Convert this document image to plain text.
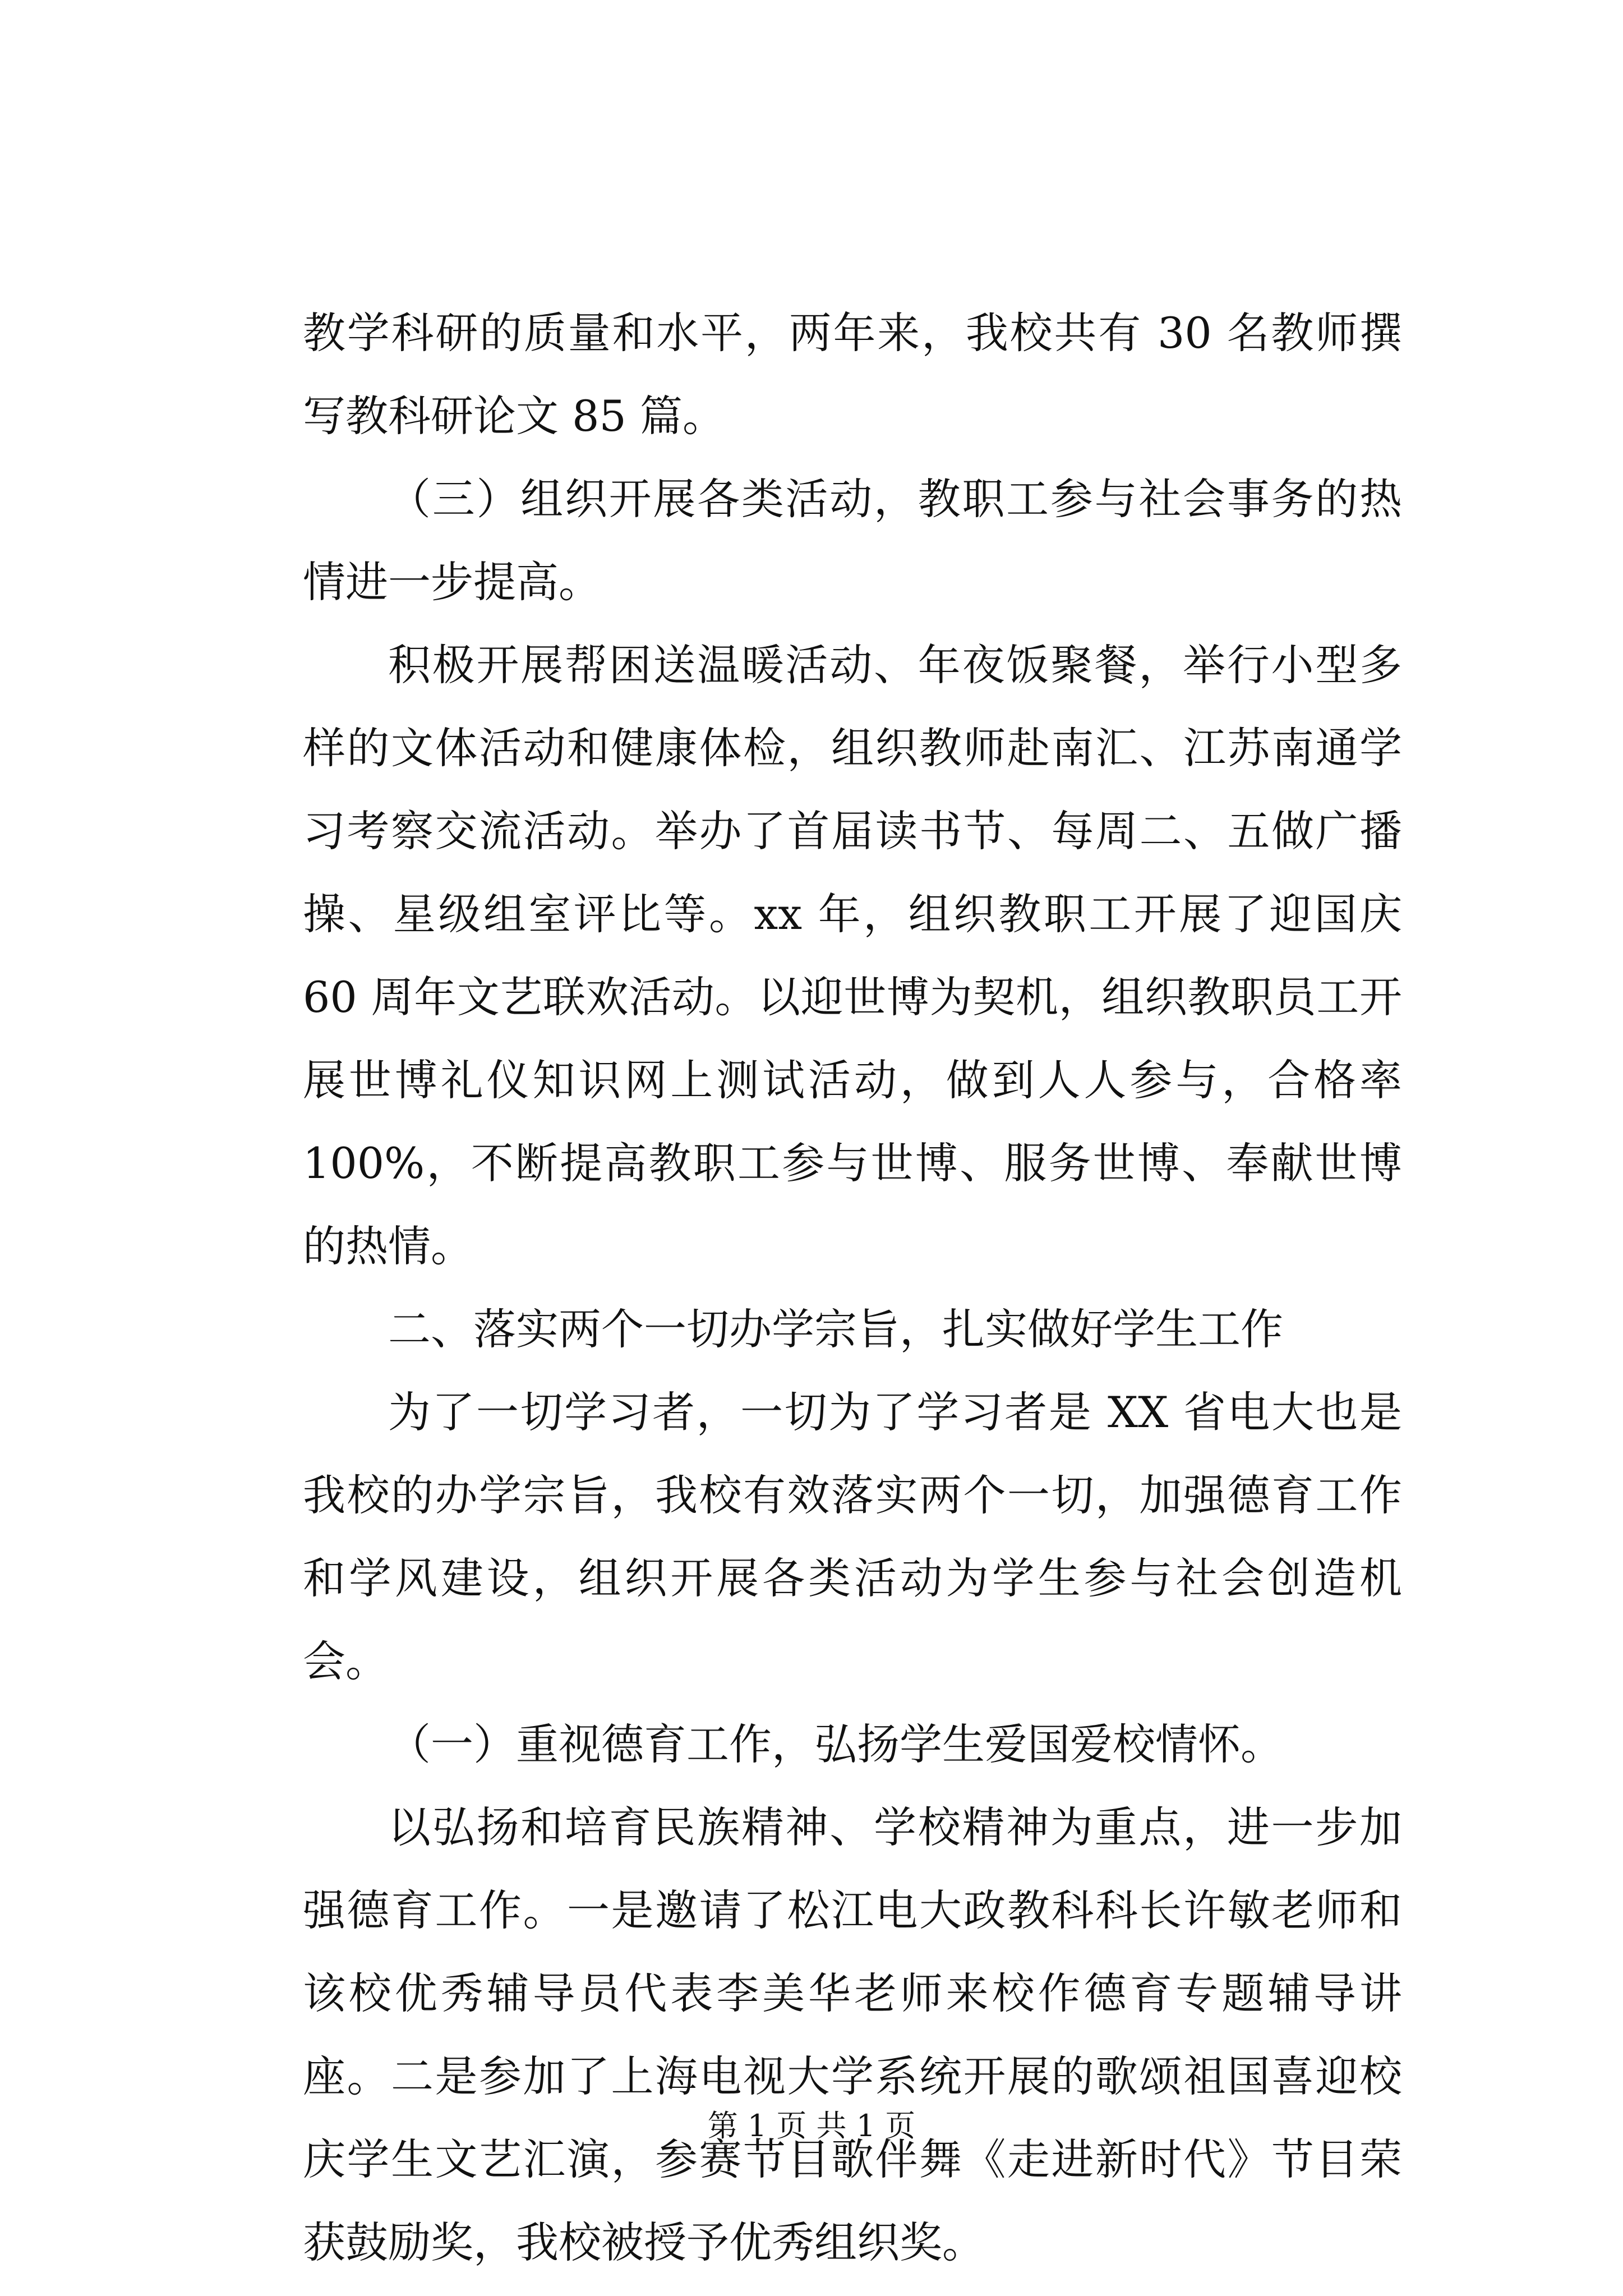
教学科研的质量和水平，两年来，我校共有 30 名教师撰写教科研论文 85 篇。

（三）组织开展各类活动，教职工参与社会事务的热情进一步提高。

积极开展帮困送温暖活动、年夜饭聚餐，举行小型多样的文体活动和健康体检，组织教师赴南汇、江苏南通学习考察交流活动。举办了首届读书节、每周二、五做广播操、星级组室评比等。xx 年，组织教职工开展了迎国庆 60 周年文艺联欢活动。以迎世博为契机，组织教职员工开展世博礼仪知识网上测试活动，做到人人参与，合格率 100%，不断提高教职工参与世博、服务世博、奉献世博的热情。

二、落实两个一切办学宗旨，扎实做好学生工作

为了一切学习者，一切为了学习者是 XX 省电大也是我校的办学宗旨，我校有效落实两个一切，加强德育工作和学风建设，组织开展各类活动为学生参与社会创造机会。

（一）重视德育工作，弘扬学生爱国爱校情怀。

以弘扬和培育民族精神、学校精神为重点，进一步加强德育工作。一是邀请了松江电大政教科科长许敏老师和该校优秀辅导员代表李美华老师来校作德育专题辅导讲座。二是参加了上海电视大学系统开展的歌颂祖国喜迎校庆学生文艺汇演，参赛节目歌伴舞《走进新时代》节目荣获鼓励奖，我校被授予优秀组织奖。

第 1 页 共 1 页
